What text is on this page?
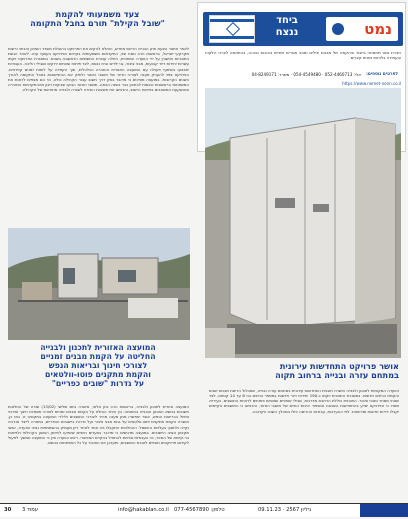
צעד משמעותי להקמת
"שובל הקילת" תורם בחבל התקומה
לאחר אישור הצעת חוק הבנייה הרישוי מחדש, הוחלט להקים את הפרויקט בהובלת משרד השיכון והבינוי ורשות מקרקעי ישראל, בראשות הרב נוסח שני, התקדמות משמעותית בקידום הפרויקט בעוטף עזה. לאחר הגשת התוכניות ואישורן על ידי הוועדה המחוזית, החלה עבודת התשתיות הראשונה בשטח. במסגרת הפרויקט יוקמו עשרות יחידות דיור קבועות, מבני ציבור, גני ילדים ובית כנסת, לצד פיתוח שטחים ירוקים ושבילי הליכה. העבודות יתבצעו בשיתוף פעולה עם המועצה האזורית והחברה הכלכלית, תוך הקפדה על לוחות זמנים קפדניים. הפרויקט צפוי להעניק מענה לצורכי הדיור של תושבי האזור ולחזק את ההתיישבות בחבל התקומה לאורך השנים הקרובות. במועצה מציינים כי מדובר בציון דרך חשוב עבור הקהילה כולה, וכי הם מצפים לראות את המשפחות הראשונות נכנסות לבתיהן כבר בשנה הבאה. תושבי האזור הביעו שביעות רצון מההתקדמות המהירה ומהשקעת המשאבים בפיתוח היישוב, והדגישו את חשיבות החזרה לשגרה ולבנייה מחודשת של הקהילה.
המועצה האזורית לתכנון ולבנייה
החליטה על הקמת מבנים זמניים
לצורכי חינוך ובריאות הנפש
והקמת מתקנים פוטו-וולטאים
על גדרות "שובים כפריים"
המועצה אזורית לתכנון ולבנייה, בראשות הרב נתן אלוני, אישרה ביום שלישי (13/02) שורה של החלטות חשובות בנושא התכנון והבנייה בתחומה. בין היתר הוחלט על הקמת מבנים זמניים לצורכי מוסדות חינוך ומרכזי טיפול בבריאות הנפש, אשר יאפשרו מתן מענה מהיר לצורכי התושבים ולילדי המועצה בתקופה זו. כמו כן, אושרה הקמת מתקנים פוטו-וולטאים על גגות מבני ציבור ועל גדרות ביישובים הכפריים, במטרה לייצר אנרגיה נקייה ולחסוך בעלויות החשמל. ההחלטות התקבלו פה אחד לאחר דיון מעמיק בהשתתפות נציגי הוועדה, אנשי מקצוע ונציגי היישובים. במועצה מדגישים כי מדובר בצעדים חיוניים שיסייעו לחיזוק החוסן הקהילתי ולפיתוח בר-קיימא של האזור, וכי העבודות צפויות להתחיל בהקדם האפשרי. ראש הוועדה ציין כי המועצה תמשיך לפעול לקידום פרויקטים נוספים לטובת התושבים, ותעדכן את הציבור על כל התפתחות בנושא.
ביחד
ננצח	נמט
חברת נמט מתמחה בייצור ובהקמה של מבנים יבילים ומבני מגורים זמניים באיכות גבוהה, בהתאמה לצרכי הלקוח ובעמידה בלוחות זמנים קצרים.
לפרטים נוספים:
אלי: 052-4460713 · 054-4549480 · משרד: 04-8249171
https://www.nemet-nonn.co.il
אושר פרויקט התחדשות עירונית
במתחם עזרה ובנייה ברחוב תקוה
הוועדה המקומית לתכנון ולבנייה אישרה תוכנית התחדשות עירונית במתחם עזרה ובנייה, שתכלול הריסת מבנים ישנים והקמת בניינים חדשים. במסגרת התוכנית יוקמו כ-190 יחידות דיור חדשות במספר בניינים בני 8 עד 14 קומות, לצד שטחי מסחר ומבני ציבור. התוכנית כוללת הרחבת מדרכות, שבילי אופניים ושטחים פתוחים לרווחת התושבים. בעירייה מסרו כי הפרויקט יסייע בהתחדשות השכונה ובשיפור איכות החיים של תושבי האזור, והדגישו כי התושבים הקיימים יקבלו דירות חדשות ומרווחות. לפי ההערכות, עבודות ההריסה יחלו במהלך השנה הקרובה.
30 עמוד 3	info@hakablan.co.il טלפון: 077-4567890	גיליון 2567 · 09.11.23
